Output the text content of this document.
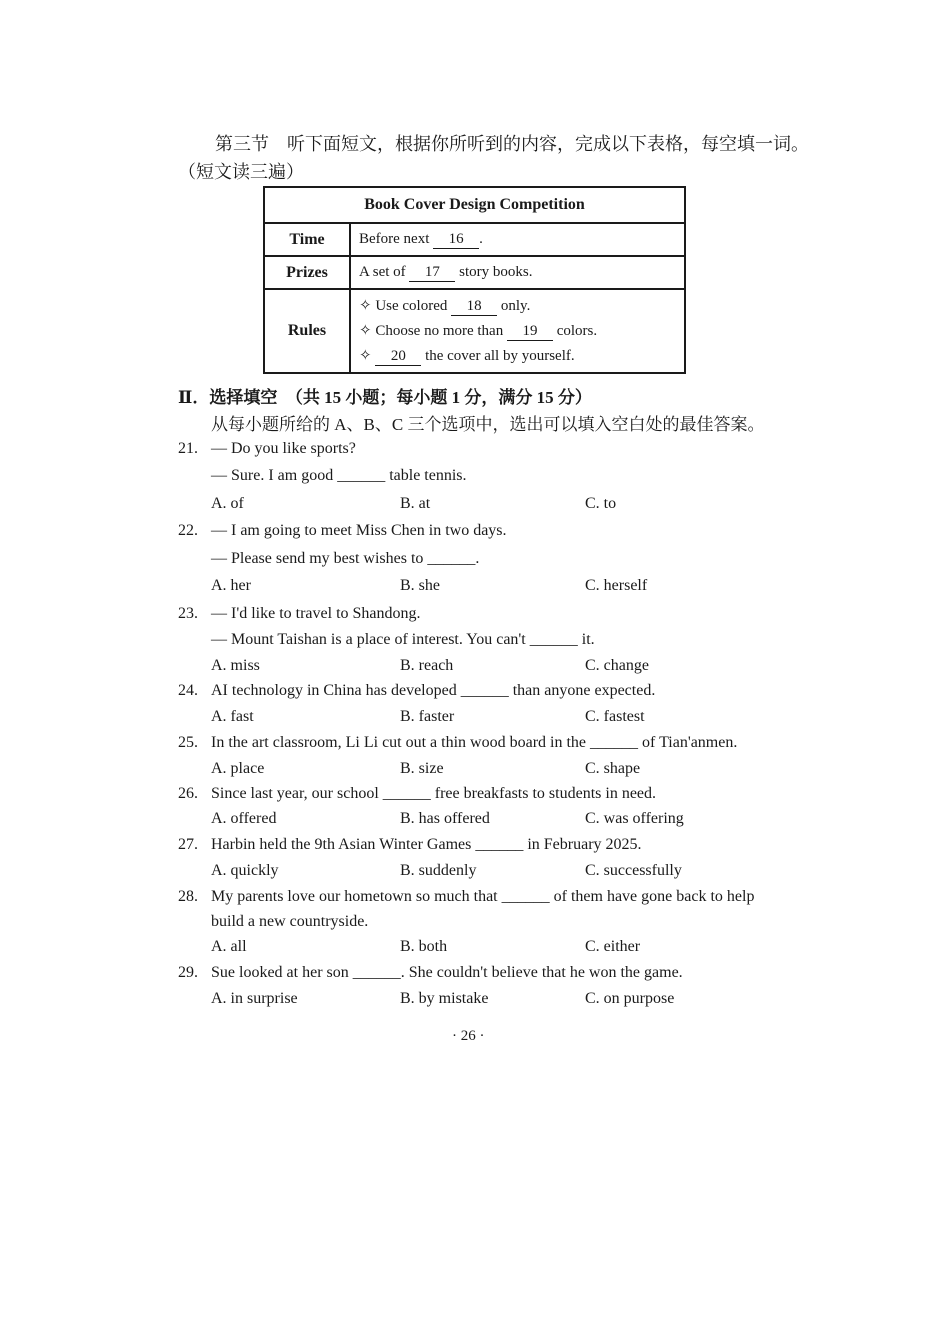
第三节　听下面短文，根据你所听到的内容，完成以下表格，每空填一词。
（短文读三遍）
Book Cover Design Competition	
Time	Before next 16 .
Prizes	A set of 17 story books.
Rules	✧ Use colored 18 only.
✧ Choose no more than 19 colors.
✧ 20 the cover all by yourself.
Ⅱ．选择填空　（共 15 小题；每小题 1 分，满分 15 分）
从每小题所给的 A、B、C 三个选项中，选出可以填入空白处的最佳答案。
21. — Do you like sports?
— Sure. I am good ______ table tennis.
A. of	B. at	C. to
22. — I am going to meet Miss Chen in two days.
— Please send my best wishes to ______.
A. her	B. she	C. herself
23. — I'd like to travel to Shandong.
— Mount Taishan is a place of interest. You can't ______ it.
A. miss	B. reach	C. change
24. AI technology in China has developed ______ than anyone expected.
A. fast	B. faster	C. fastest
25. In the art classroom, Li Li cut out a thin wood board in the ______ of Tian'anmen.
A. place	B. size	C. shape
26. Since last year, our school ______ free breakfasts to students in need.
A. offered	B. has offered	C. was offering
27. Harbin held the 9th Asian Winter Games ______ in February 2025.
A. quickly	B. suddenly	C. successfully
28. My parents love our hometown so much that ______ of them have gone back to help
build a new countryside.
A. all	B. both	C. either
29. Sue looked at her son ______. She couldn't believe that he won the game.
A. in surprise	B. by mistake	C. on purpose
· 26 ·
